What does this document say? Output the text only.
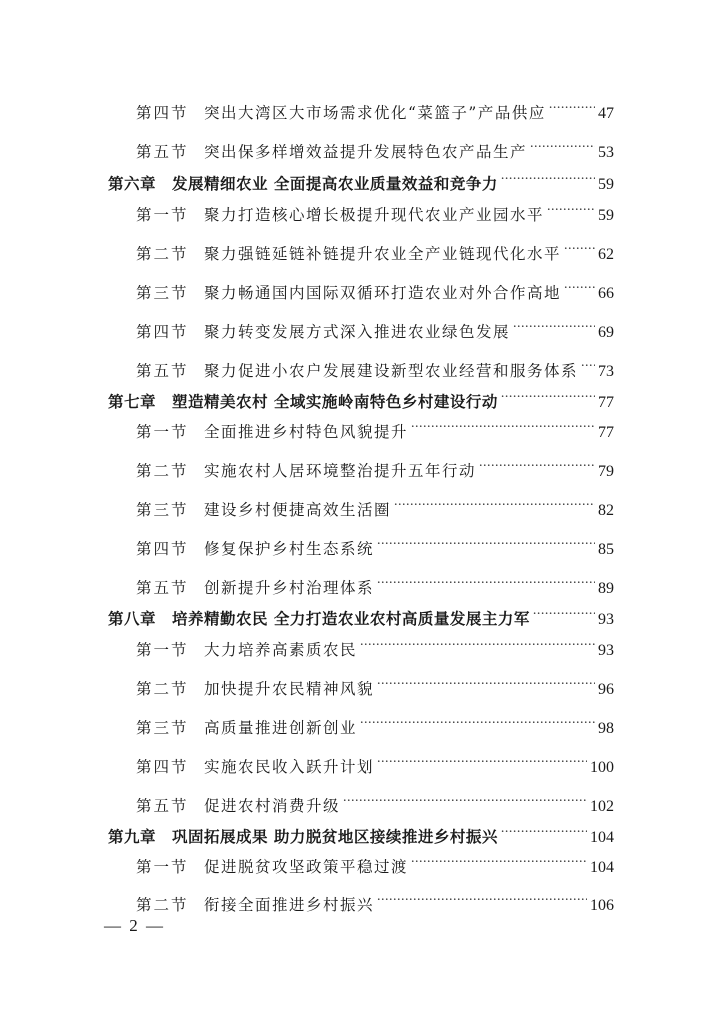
第四节 突出大湾区大市场需求优化“菜篮子”产品供应 .....	47
第五节 突出保多样增效益提升发展特色农产品生产 .....	53
第六章 发展精细农业 全面提高农业质量效益和竞争力 .....	59
第一节 聚力打造核心增长极提升现代农业产业园水平 .....	59
第二节 聚力强链延链补链提升农业全产业链现代化水平 ..... 62
第三节 聚力畅通国内国际双循环打造农业对外合作高地 ..... 66
第四节 聚力转变发展方式深入推进农业绿色发展 .....	69
第五节 聚力促进小农户发展建设新型农业经营和服务体系 ..... 73
第七章 塑造精美农村 全域实施岭南特色乡村建设行动 .....	77
第一节 全面推进乡村特色风貌提升 .....	77
第二节 实施农村人居环境整治提升五年行动 .....	79
第三节 建设乡村便捷高效生活圈 .....	82
第四节 修复保护乡村生态系统 .....	85
第五节 创新提升乡村治理体系 .....	89
第八章 培养精勤农民 全力打造农业农村高质量发展主力军 .....	93
第一节 大力培养高素质农民 .....	93
第二节 加快提升农民精神风貌 .....	96
第三节 高质量推进创新创业 .....	98
第四节 实施农民收入跃升计划 .....	100
第五节 促进农村消费升级 .....	102
第九章 巩固拓展成果 助力脱贫地区接续推进乡村振兴 .....	104
第一节 促进脱贫攻坚政策平稳过渡 .....	104
第二节 衔接全面推进乡村振兴 .....	106
— 2 —
